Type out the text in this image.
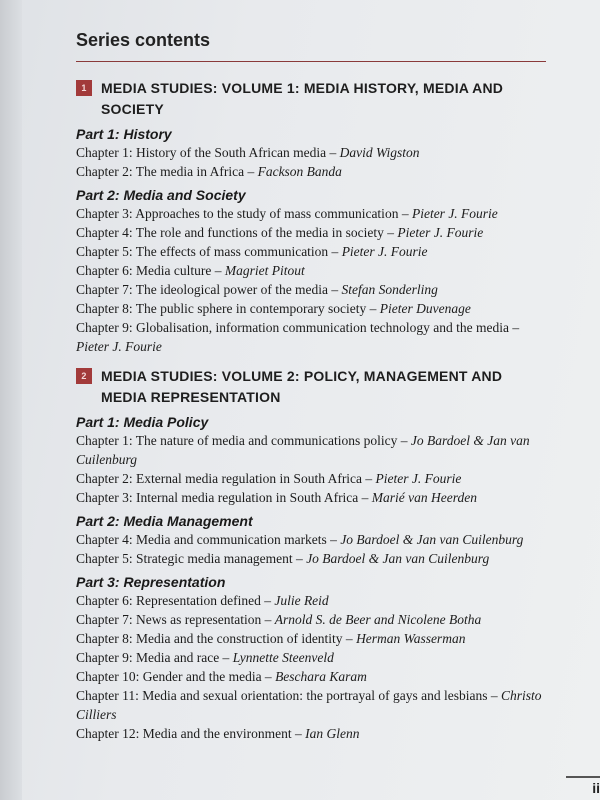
Series contents
1	MEDIA STUDIES: VOLUME 1: MEDIA HISTORY, MEDIA AND SOCIETY
Part 1: History
Chapter 1: History of the South African media – David Wigston
Chapter 2: The media in Africa – Fackson Banda
Part 2: Media and Society
Chapter 3: Approaches to the study of mass communication – Pieter J. Fourie
Chapter 4: The role and functions of the media in society – Pieter J. Fourie
Chapter 5: The effects of mass communication – Pieter J. Fourie
Chapter 6: Media culture – Magriet Pitout
Chapter 7: The ideological power of the media – Stefan Sonderling
Chapter 8: The public sphere in contemporary society – Pieter Duvenage
Chapter 9: Globalisation, information communication technology and the media – Pieter J. Fourie
2	MEDIA STUDIES: VOLUME 2: POLICY, MANAGEMENT AND MEDIA REPRESENTATION
Part 1: Media Policy
Chapter 1: The nature of media and communications policy – Jo Bardoel & Jan van Cuilenburg
Chapter 2: External media regulation in South Africa – Pieter J. Fourie
Chapter 3: Internal media regulation in South Africa – Marié van Heerden
Part 2: Media Management
Chapter 4: Media and communication markets – Jo Bardoel & Jan van Cuilenburg
Chapter 5: Strategic media management – Jo Bardoel & Jan van Cuilenburg
Part 3: Representation
Chapter 6: Representation defined – Julie Reid
Chapter 7: News as representation – Arnold S. de Beer and Nicolene Botha
Chapter 8: Media and the construction of identity – Herman Wasserman
Chapter 9: Media and race – Lynnette Steenveld
Chapter 10: Gender and the media – Beschara Karam
Chapter 11: Media and sexual orientation: the portrayal of gays and lesbians – Christo Cilliers
Chapter 12: Media and the environment – Ian Glenn
ii
